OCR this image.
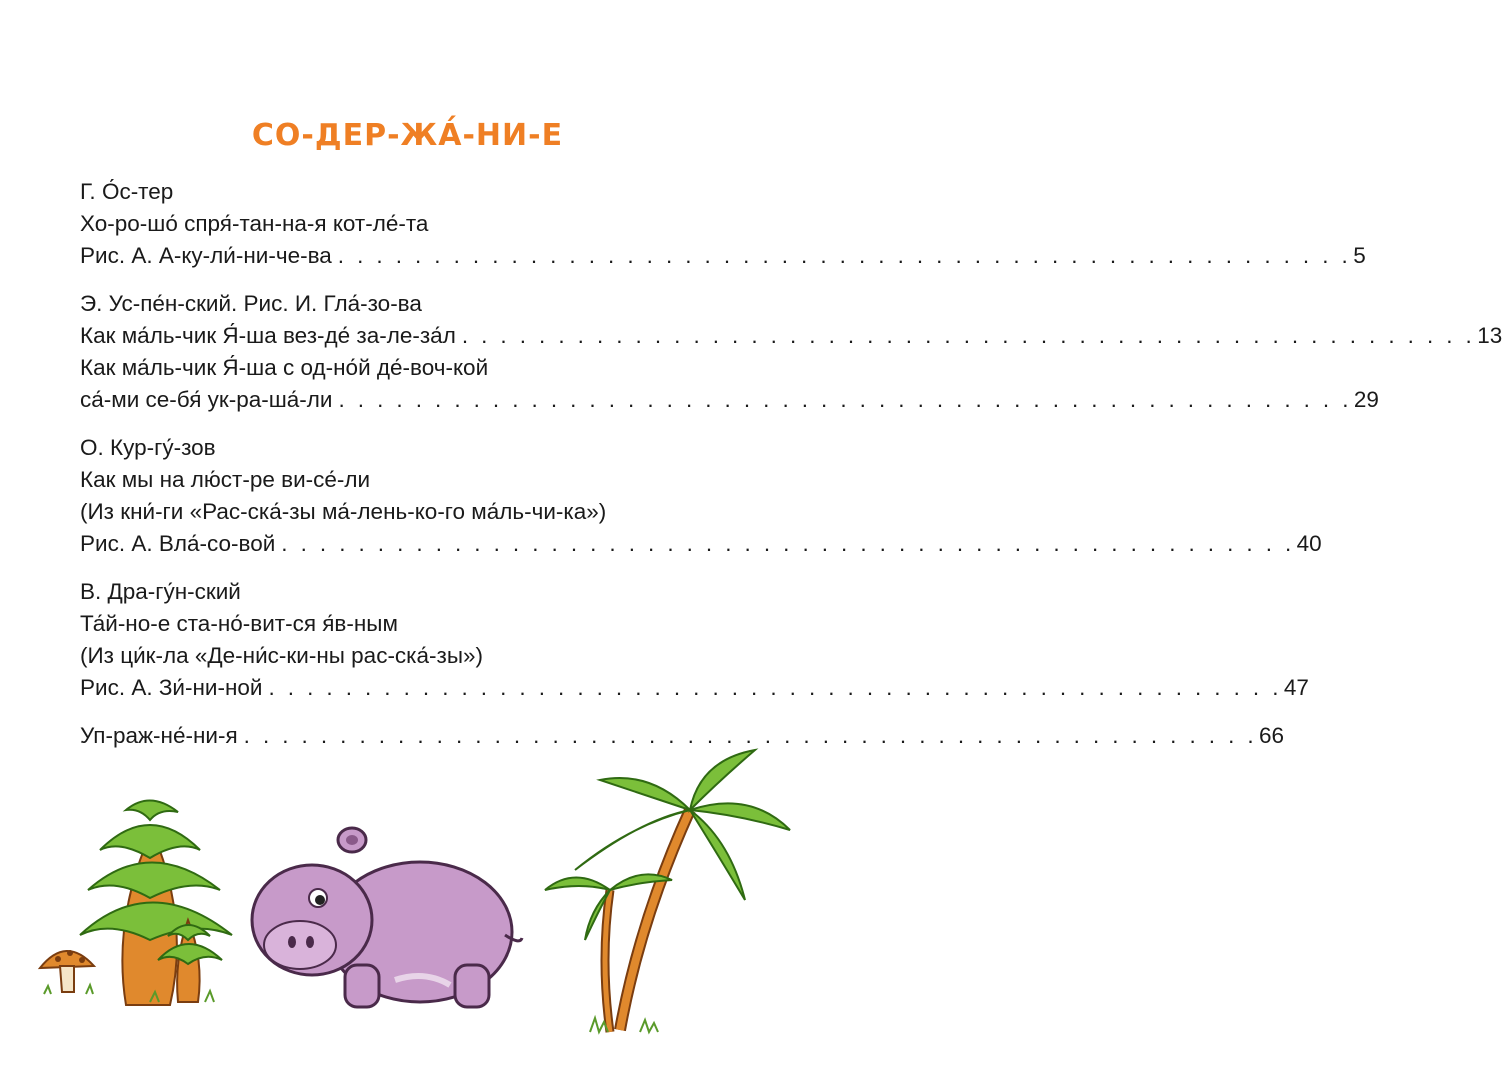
СО-ДЕР-ЖА́-НИ-Е
Г. О́с-тер
Хо-ро-шо́ спря́-тан-на-я кот-ле́-та
Рис. А. А-ку-ли́-ни-че-ва . . . . . . . . . . . . . . . . . . . . . . . . . . . . . . . . . . . . . . . . . . . . . . . . . . . . . 5
Э. Ус-пе́н-ский. Рис. И. Гла́-зо-ва
Как ма́ль-чик Я́-ша вез-де́ за-ле-за́л . . . . . . . . . . . . . . . . . . . . . . . . . . . . . . . . . . . . . . . . . . . . . . . . . . . . . 13
Как ма́ль-чик Я́-ша с од-но́й де́-воч-кой
са́-ми се-бя́ ук-ра-ша́-ли . . . . . . . . . . . . . . . . . . . . . . . . . . . . . . . . . . . . . . . . . . . . . . . . . . . . . 29
О. Кур-гу́-зов
Как мы на лю́ст-ре ви-се́-ли
(Из кни́-ги «Рас-ска́-зы ма́-лень-ко-го ма́ль-чи-ка»)
Рис. А. Вла́-со-вой . . . . . . . . . . . . . . . . . . . . . . . . . . . . . . . . . . . . . . . . . . . . . . . . . . . . . 40
В. Дра-гу́н-ский
Та́й-но-е ста-но́-вит-ся я́в-ным
(Из ци́к-ла «Де-ни́с-ки-ны рас-ска́-зы»)
Рис. А. Зи́-ни-ной . . . . . . . . . . . . . . . . . . . . . . . . . . . . . . . . . . . . . . . . . . . . . . . . . . . . . 47
Уп-раж-не́-ни-я . . . . . . . . . . . . . . . . . . . . . . . . . . . . . . . . . . . . . . . . . . . . . . . . . . . . . 66
